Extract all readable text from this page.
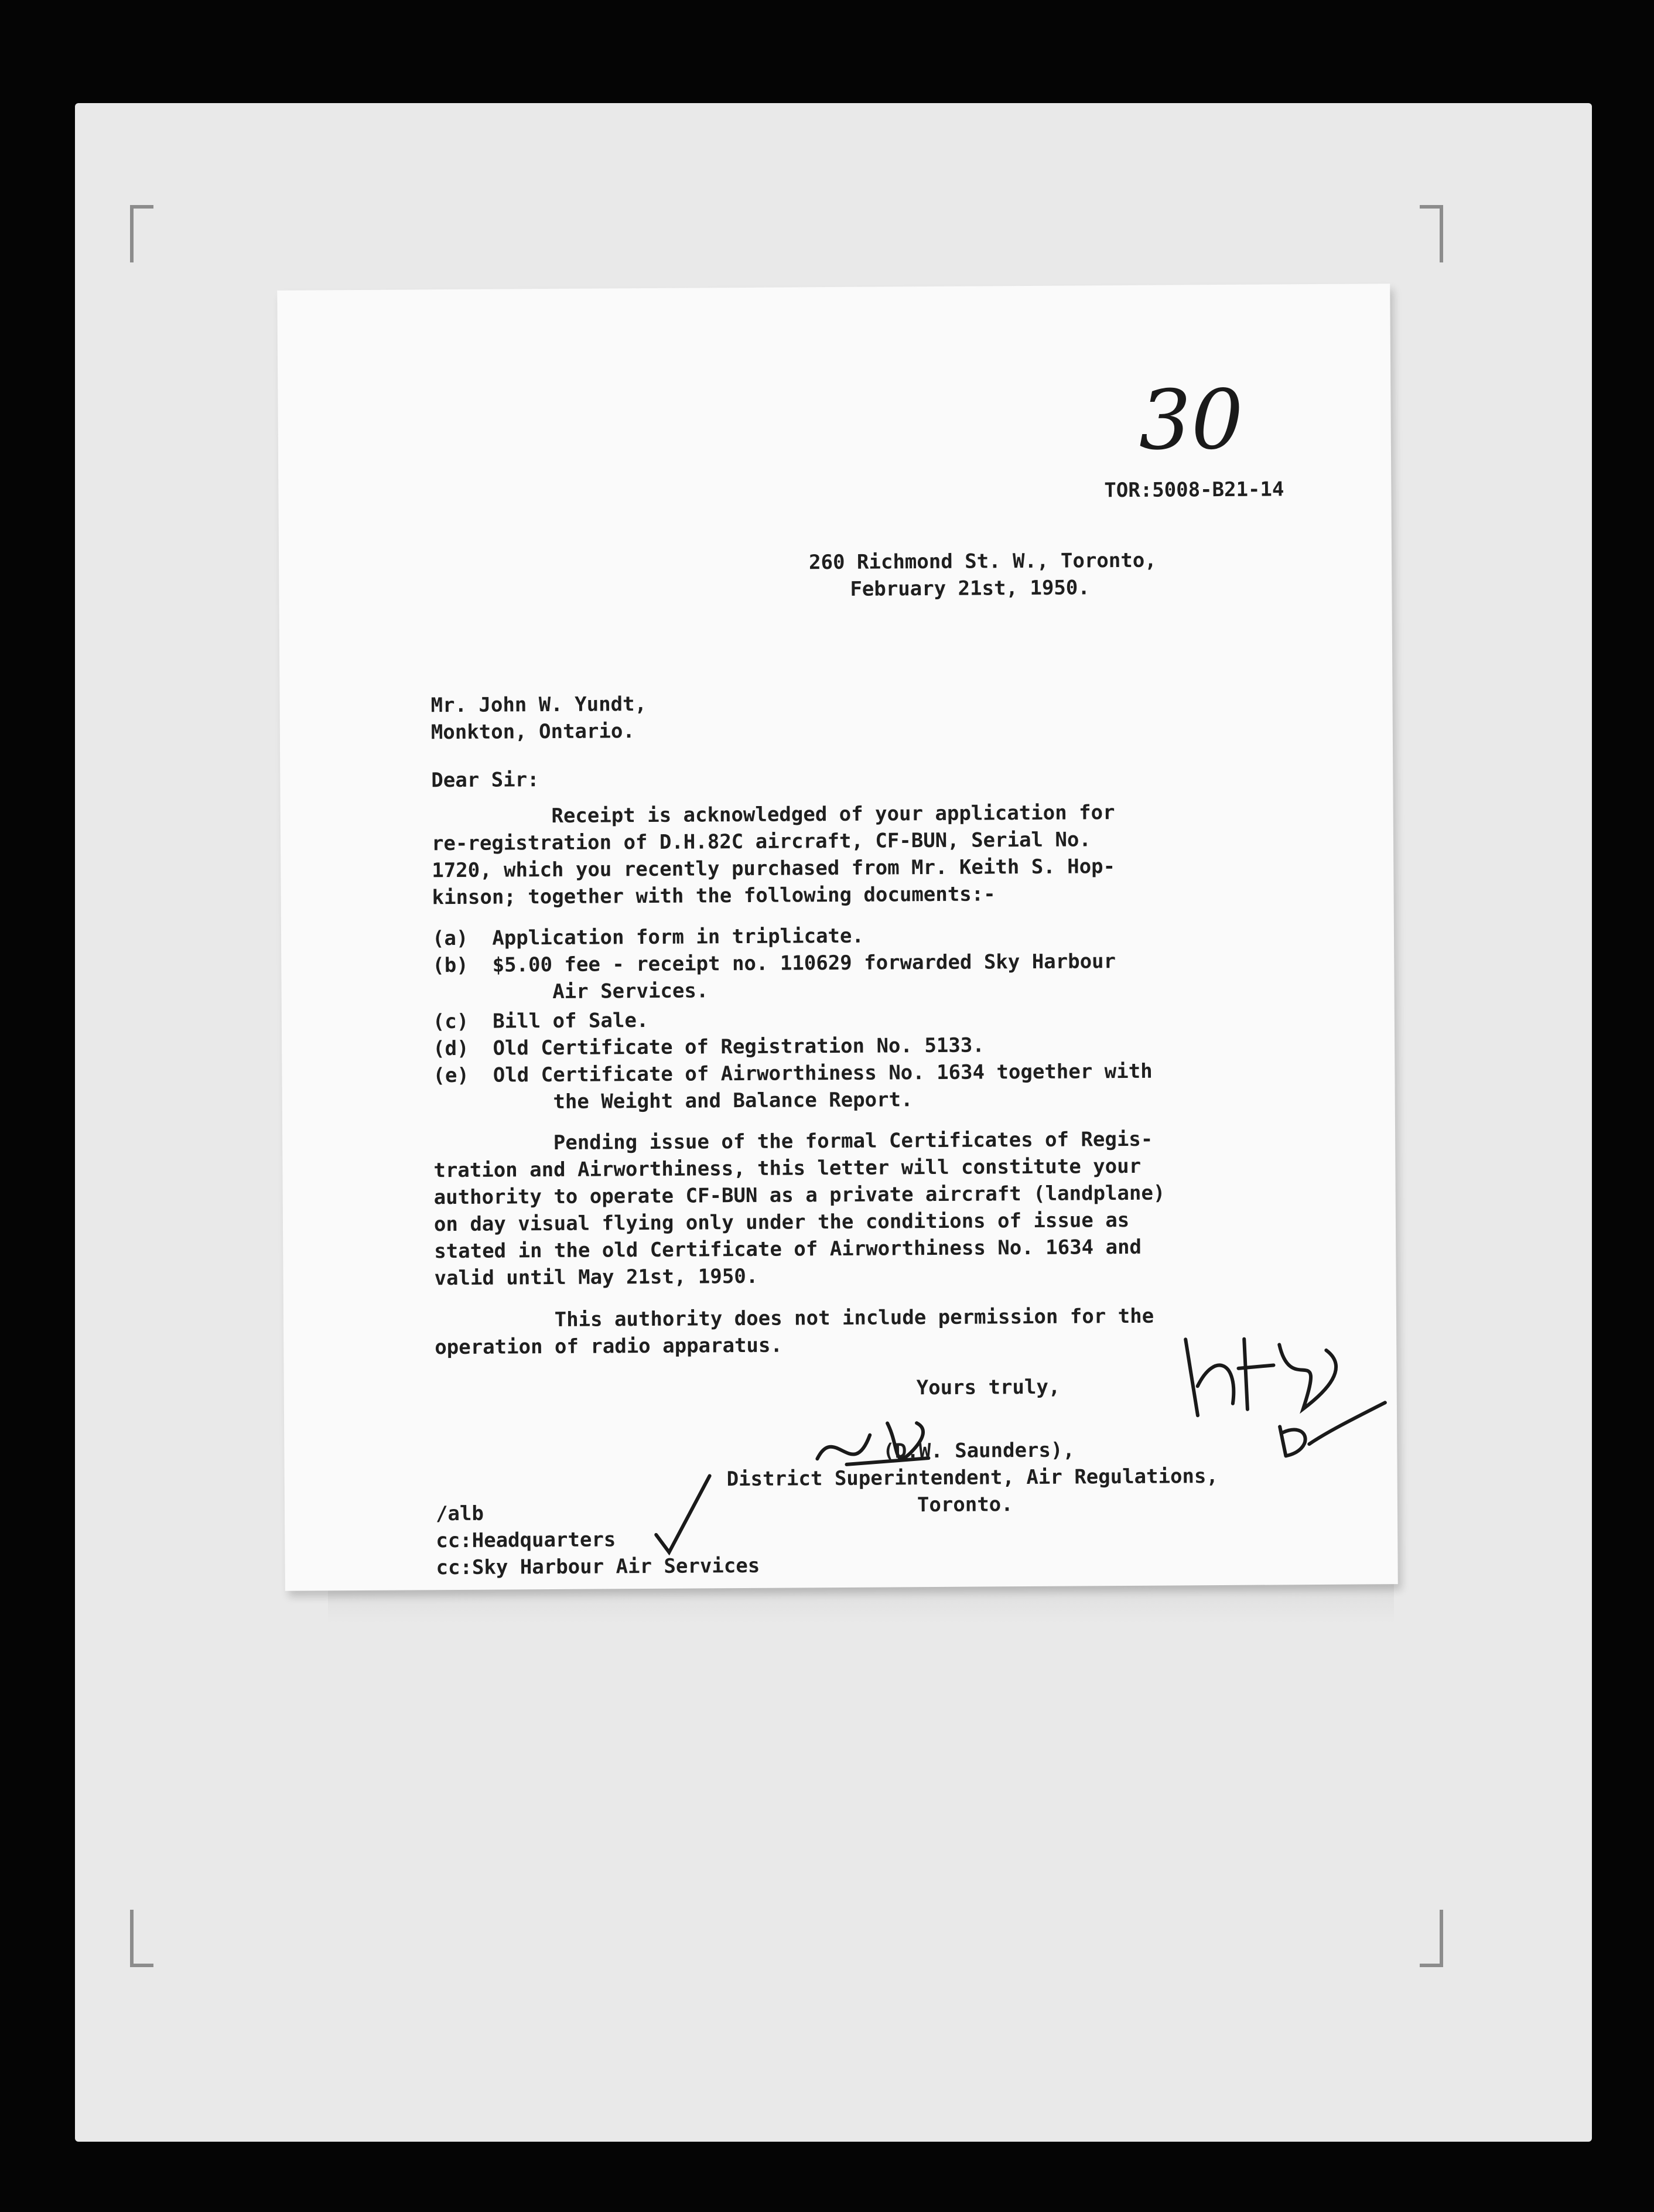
30
TOR:5008-B21-14
260 Richmond St. W., Toronto,
February 21st, 1950.
Mr. John W. Yundt,
Monkton, Ontario.
Dear Sir:
Receipt is acknowledged of your application for
re-registration of D.H.82C aircraft, CF-BUN, Serial No.
1720, which you recently purchased from Mr. Keith S. Hop-
kinson; together with the following documents:-
(a)  Application form in triplicate.
(b)  $5.00 fee - receipt no. 110629 forwarded Sky Harbour
Air Services.
(c)  Bill of Sale.
(d)  Old Certificate of Registration No. 5133.
(e)  Old Certificate of Airworthiness No. 1634 together with
the Weight and Balance Report.
Pending issue of the formal Certificates of Regis-
tration and Airworthiness, this letter will constitute your
authority to operate CF-BUN as a private aircraft (landplane)
on day visual flying only under the conditions of issue as
stated in the old Certificate of Airworthiness No. 1634 and
valid until May 21st, 1950.
This authority does not include permission for the
operation of radio apparatus.
Yours truly,
(D.W. Saunders),
District Superintendent, Air Regulations,
Toronto.
/alb
cc:Headquarters
cc:Sky Harbour Air Services
